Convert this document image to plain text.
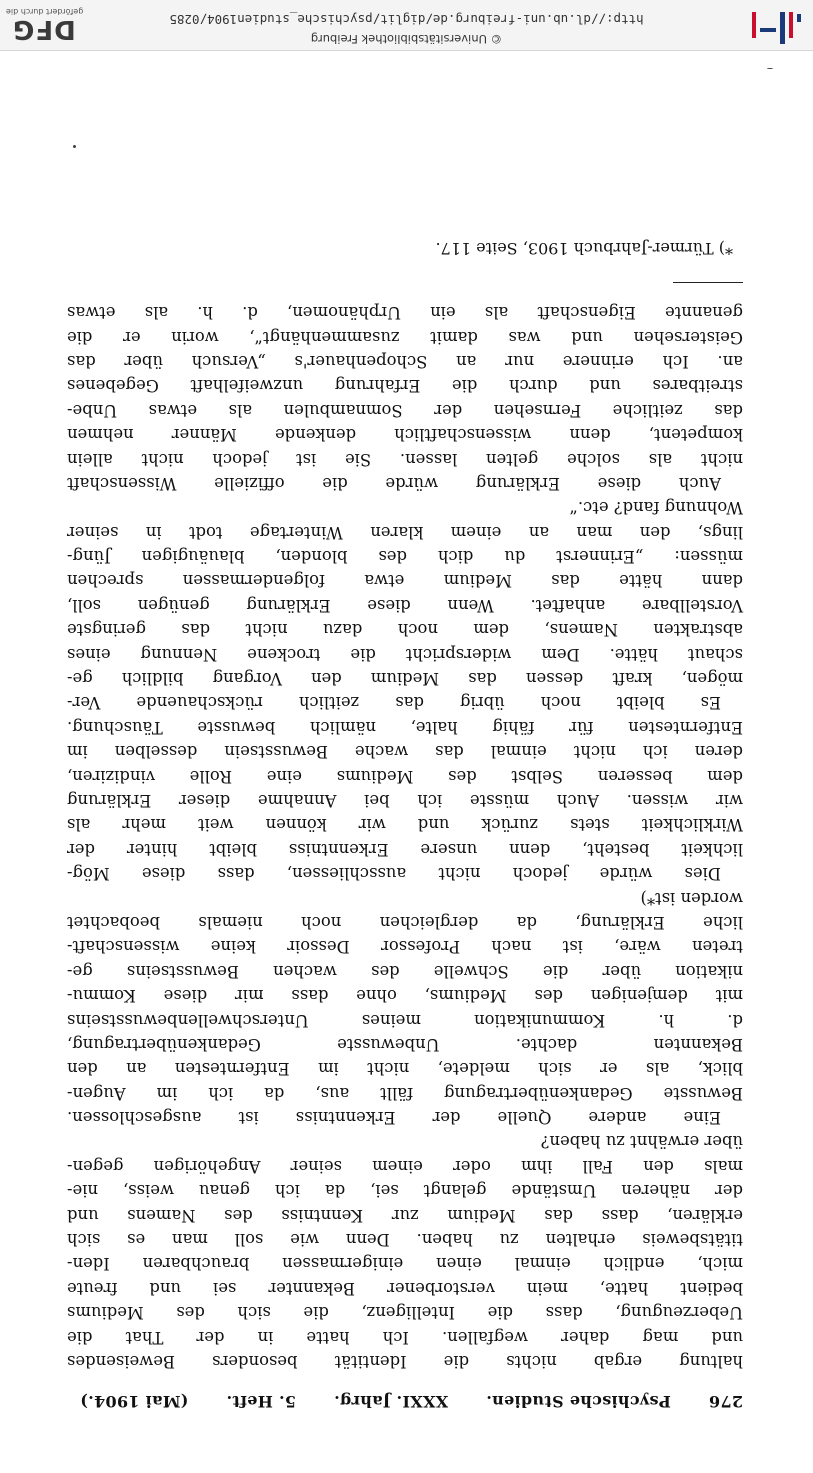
276
Psychische Studien.
XXXI. Jahrg.
5. Heft.
(Mai 1904.)
haltung ergab nichts die Identität besonders Beweisendes
und mag daher wegfallen. Ich hatte in der That die
Ueberzeugung, dass die Intelligenz, die sich des Mediums
bedient hatte, mein verstorbener Bekannter sei und freute
mich, endlich einmal einen einigermassen brauchbaren Iden-
titätsbeweis erhalten zu haben. Denn wie soll man es sich
erklären, dass das Medium zur Kenntniss des Namens und
der näheren Umstände gelangt sei, da ich genau weiss, nie-
mals den Fall ihm oder einem seiner Angehörigen gegen-
über erwähnt zu haben?
Eine andere Quelle der Erkenntniss ist ausgeschlossen.
Bewusste Gedankenübertragung fällt aus, da ich im Augen-
blick, als er sich meldete, nicht im Entferntesten an den
Bekannten dachte. Unbewusste Gedankenübertragung,
d. h. Kommunikation meines Unterschwellenbewusstseins
mit demjenigen des Mediums, ohne dass mir diese Kommu-
nikation über die Schwelle des wachen Bewusstseins ge-
treten wäre, ist nach Professor Dessoir keine wissenschaft-
liche Erklärung, da dergleichen noch niemals beobachtet
worden ist*)
Dies würde jedoch nicht ausschliessen, dass diese Mög-
lichkeit besteht, denn unsere Erkenntniss bleibt hinter der
Wirklichkeit stets zurück und wir können weit mehr als
wir wissen. Auch müsste ich bei Annahme dieser Erklärung
dem besseren Selbst des Mediums eine Rolle vindiziren,
deren ich nicht einmal das wache Bewusstsein desselben im
Entferntesten für fähig halte, nämlich bewusste Täuschung.
Es bleibt noch übrig das zeitlich rückschauende Ver-
mögen, kraft dessen das Medium den Vorgang bildlich ge-
schaut hätte. Dem widerspricht die trockene Nennung eines
abstrakten Namens, dem noch dazu nicht das geringste
Vorstellbare anhaftet. Wenn diese Erklärung genügen soll,
dann hätte das Medium etwa folgendermassen sprechen
müssen: „Erinnerst du dich des blonden, blauäugigen Jüng-
lings, den man an einem klaren Wintertage todt in seiner
Wohnung fand? etc.“
Auch diese Erklärung würde die offizielle Wissenschaft
nicht als solche gelten lassen. Sie ist jedoch nicht allein
kompetent, denn wissenschaftlich denkende Männer nehmen
das zeitliche Fernsehen der Somnambulen als etwas Unbe-
streitbares und durch die Erfahrung unzweifelhaft Gegebenes
an. Ich erinnere nur an Schopenhauer's „Versuch über das
Geistersehen und was damit zusammenhängt“, worin er die
genannte Eigenschaft als ein Urphänomen, d. h. als etwas
*) Türmer-Jahrbuch 1903, Seite 117.
© Universitätsbibliothek Freiburg
http://dl.ub.uni-freiburg.de/diglit/psychische_studien1904/0285
DFG
gefördert durch die
